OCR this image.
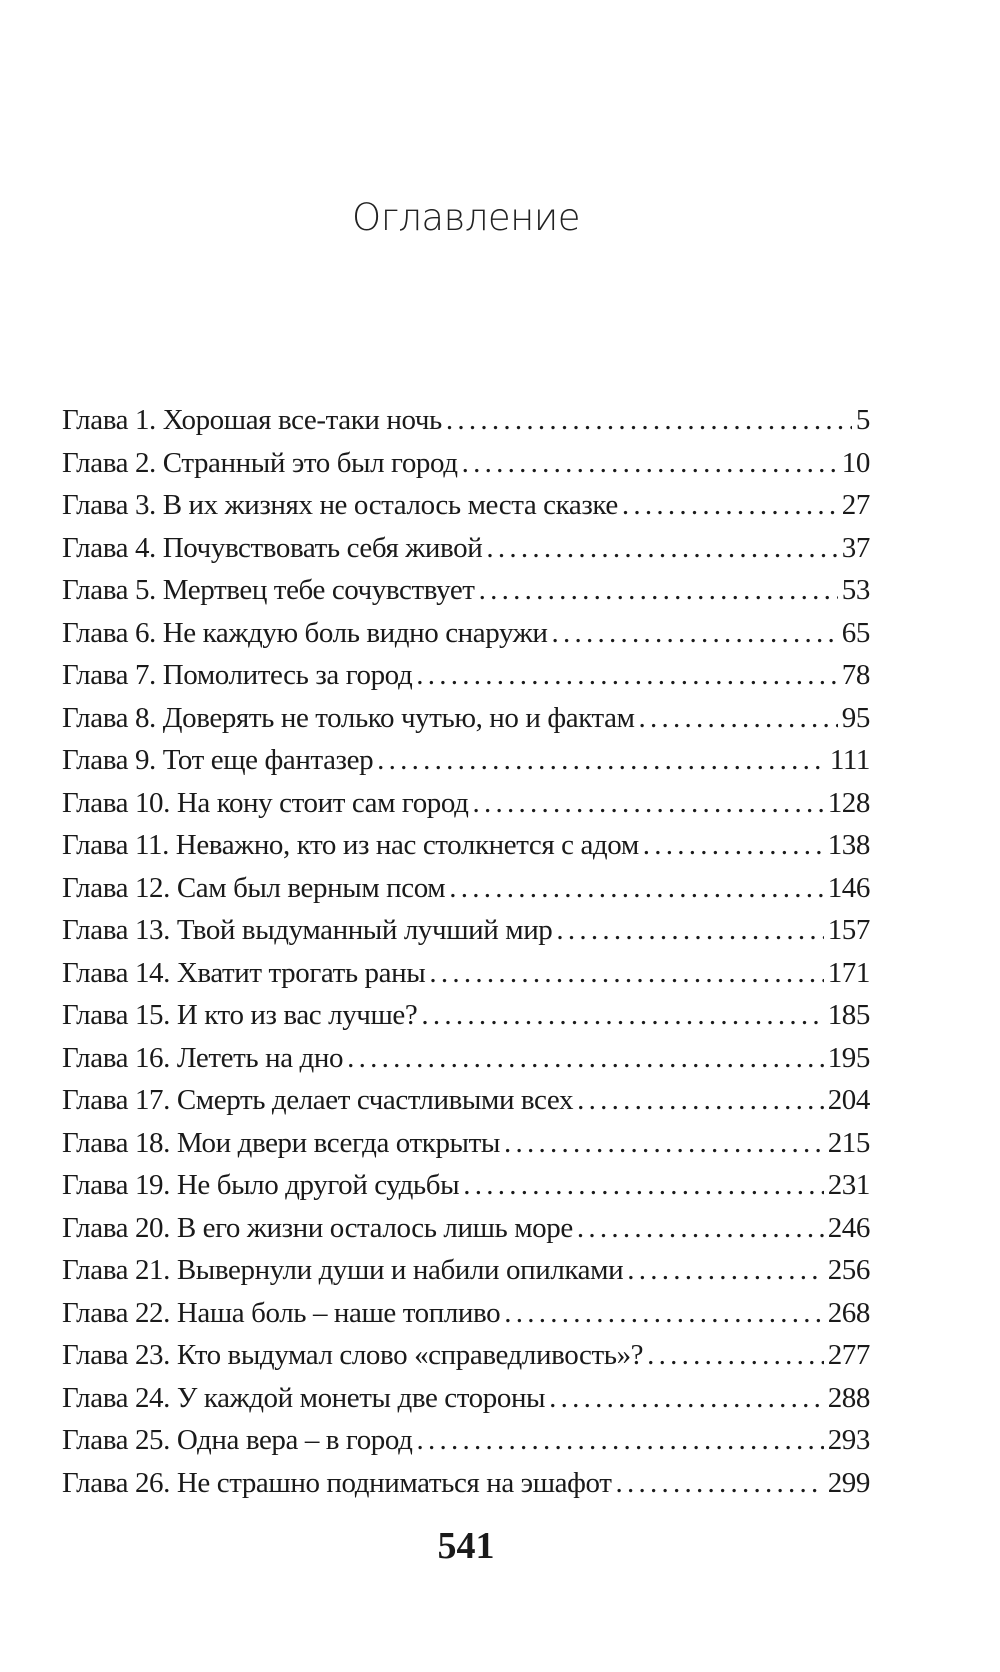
Оглавление
Глава 1. Хорошая все-таки ночь . . .	5
Глава 2. Странный это был город . . .	10
Глава 3. В их жизнях не осталось места сказке . . .	27
Глава 4. Почувствовать себя живой . . .	37
Глава 5. Мертвец тебе сочувствует . . .	53
Глава 6. Не каждую боль видно снаружи . . .	65
Глава 7. Помолитесь за город . . .	78
Глава 8. Доверять не только чутью, но и фактам . . .	95
Глава 9. Тот еще фантазер . . .	111
Глава 10. На кону стоит сам город . . .	128
Глава 11. Неважно, кто из нас столкнется с адом . . .	138
Глава 12. Сам был верным псом . . .	146
Глава 13. Твой выдуманный лучший мир . . .	157
Глава 14. Хватит трогать раны . . .	171
Глава 15. И кто из вас лучше? . . .	185
Глава 16. Лететь на дно . . .	195
Глава 17. Смерть делает счастливыми всех . . .	204
Глава 18. Мои двери всегда открыты . . .	215
Глава 19. Не было другой судьбы . . .	231
Глава 20. В его жизни осталось лишь море . . .	246
Глава 21. Вывернули души и набили опилками . . .	256
Глава 22. Наша боль – наше топливо . . .	268
Глава 23. Кто выдумал слово «справедливость»? . . .	277
Глава 24. У каждой монеты две стороны . . .	288
Глава 25. Одна вера – в город . . .	293
Глава 26. Не страшно подниматься на эшафот . . .	299
541
